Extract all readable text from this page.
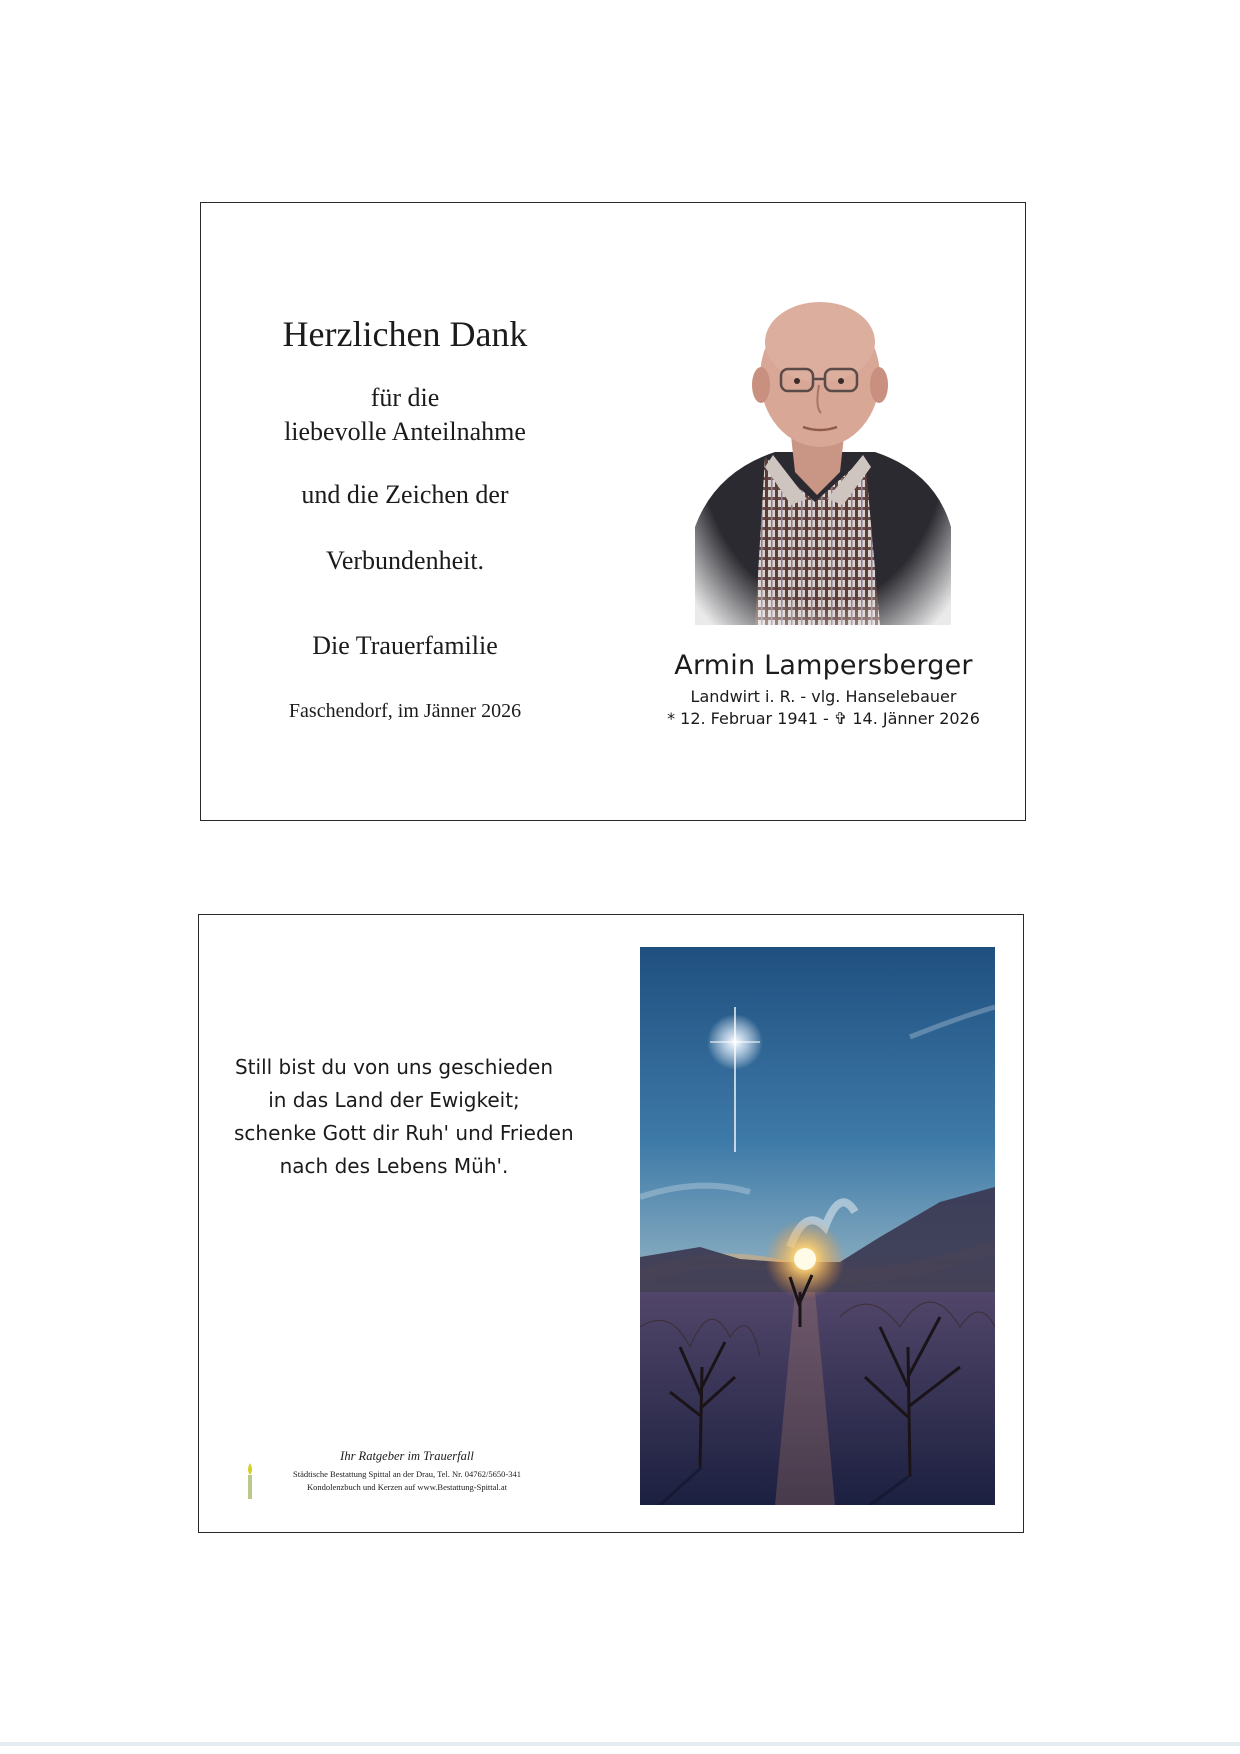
Herzlichen Dank
für die
liebevolle Anteilnahme
und die Zeichen der
Verbundenheit.
Die Trauerfamilie
Faschendorf, im Jänner 2026
Armin Lampersberger
Landwirt i. R. - vlg. Hanselebauer
* 12. Februar 1941 - ✞ 14. Jänner 2026
Still bist du von uns geschieden
in das Land der Ewigkeit;
schenke Gott dir Ruh' und Frieden
nach des Lebens Müh'.
Ihr Ratgeber im Trauerfall
Städtische Bestattung Spittal an der Drau, Tel. Nr. 04762/5650-341
Kondolenzbuch und Kerzen auf www.Bestattung-Spittal.at
